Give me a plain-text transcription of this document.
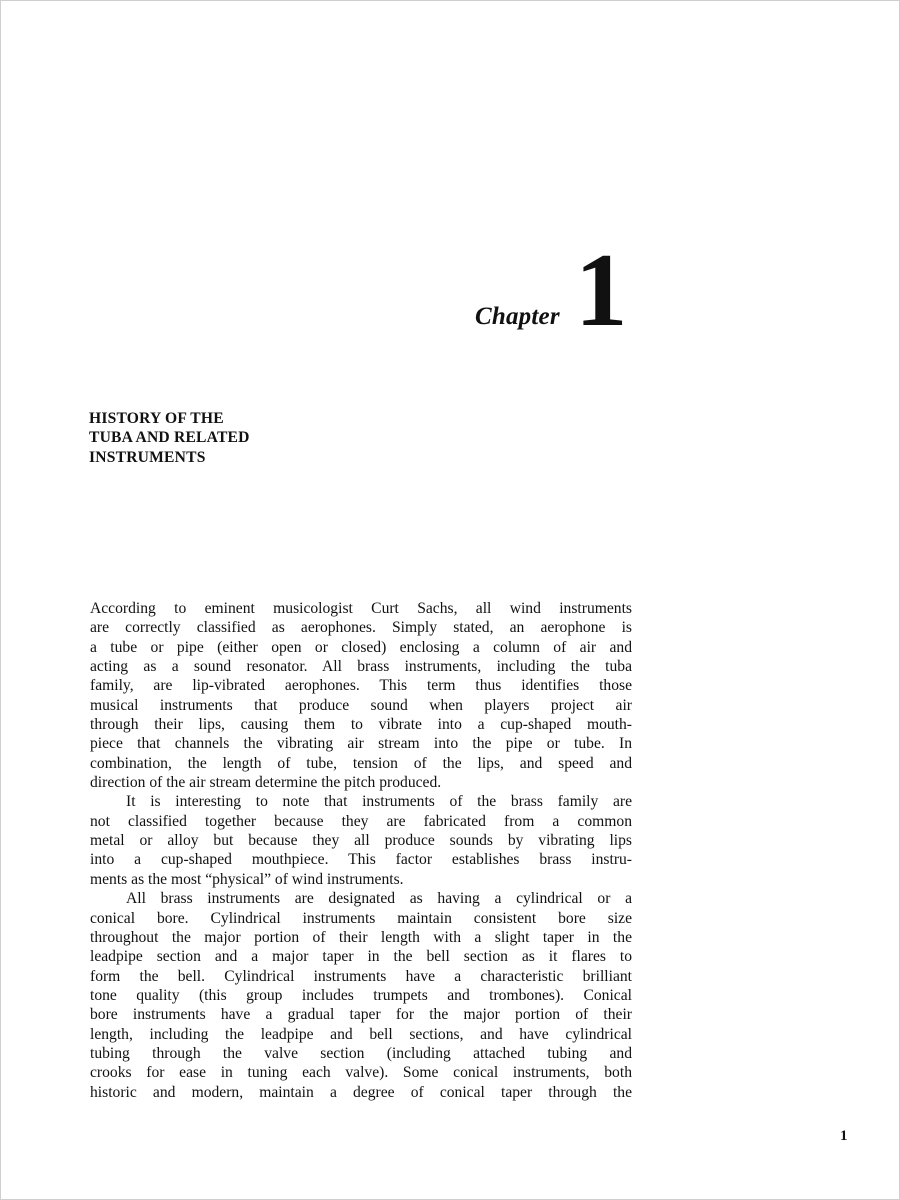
Chapter 1
HISTORY OF THE
TUBA AND RELATED
INSTRUMENTS

According to eminent musicologist Curt Sachs, all wind instruments
are correctly classified as aerophones. Simply stated, an aerophone is
a tube or pipe (either open or closed) enclosing a column of air and
acting as a sound resonator. All brass instruments, including the tuba
family, are lip-vibrated aerophones. This term thus identifies those
musical instruments that produce sound when players project air
through their lips, causing them to vibrate into a cup-shaped mouth-
piece that channels the vibrating air stream into the pipe or tube. In
combination, the length of tube, tension of the lips, and speed and
direction of the air stream determine the pitch produced.

It is interesting to note that instruments of the brass family are
not classified together because they are fabricated from a common
metal or alloy but because they all produce sounds by vibrating lips
into a cup-shaped mouthpiece. This factor establishes brass instru-
ments as the most “physical” of wind instruments.

All brass instruments are designated as having a cylindrical or a
conical bore. Cylindrical instruments maintain consistent bore size
throughout the major portion of their length with a slight taper in the
leadpipe section and a major taper in the bell section as it flares to
form the bell. Cylindrical instruments have a characteristic brilliant
tone quality (this group includes trumpets and trombones). Conical
bore instruments have a gradual taper for the major portion of their
length, including the leadpipe and bell sections, and have cylindrical
tubing through the valve section (including attached tubing and
crooks for ease in tuning each valve). Some conical instruments, both
historic and modern, maintain a degree of conical taper through the

1
